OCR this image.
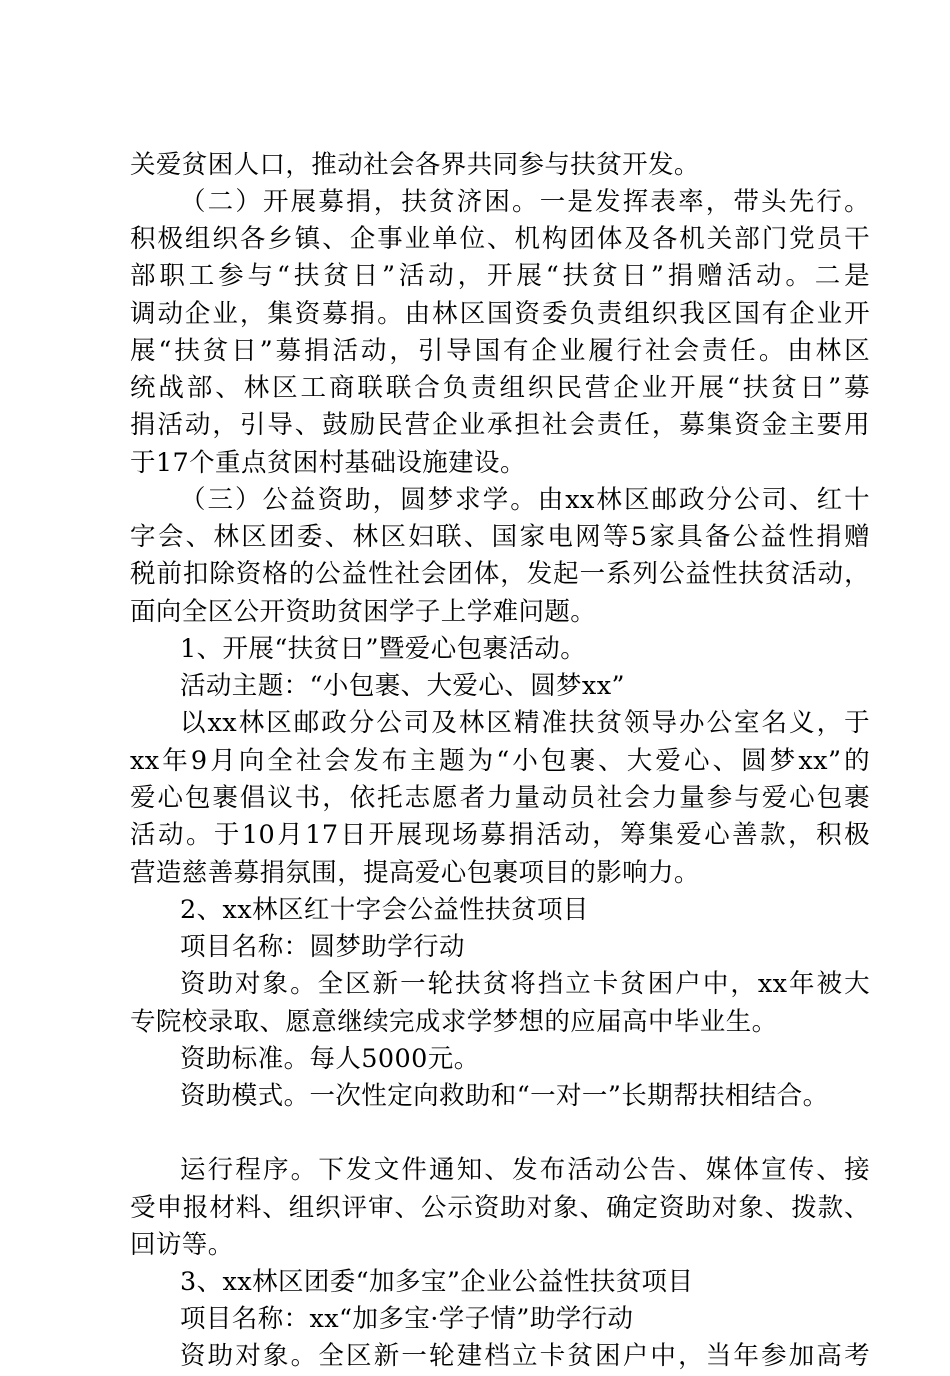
关爱贫困人口，推动社会各界共同参与扶贫开发。
（二）开展募捐，扶贫济困。一是发挥表率，带头先行。
积极组织各乡镇、企事业单位、机构团体及各机关部门党员干
部职工参与“扶贫日”活动，开展“扶贫日”捐赠活动。二是
调动企业，集资募捐。由林区国资委负责组织我区国有企业开
展“扶贫日”募捐活动，引导国有企业履行社会责任。由林区
统战部、林区工商联联合负责组织民营企业开展“扶贫日”募
捐活动，引导、鼓励民营企业承担社会责任，募集资金主要用
于17个重点贫困村基础设施建设。
（三）公益资助，圆梦求学。由xx林区邮政分公司、红十
字会、林区团委、林区妇联、国家电网等5家具备公益性捐赠
税前扣除资格的公益性社会团体，发起一系列公益性扶贫活动，
面向全区公开资助贫困学子上学难问题。
1、开展“扶贫日”暨爱心包裹活动。
活动主题：“小包裹、大爱心、圆梦xx”
以xx林区邮政分公司及林区精准扶贫领导办公室名义，于
xx年9月向全社会发布主题为“小包裹、大爱心、圆梦xx”的
爱心包裹倡议书，依托志愿者力量动员社会力量参与爱心包裹
活动。于10月17日开展现场募捐活动，筹集爱心善款，积极
营造慈善募捐氛围，提高爱心包裹项目的影响力。
2、xx林区红十字会公益性扶贫项目
项目名称：圆梦助学行动
资助对象。全区新一轮扶贫将挡立卡贫困户中，xx年被大
专院校录取、愿意继续完成求学梦想的应届高中毕业生。
资助标准。每人5000元。
资助模式。一次性定向救助和“一对一”长期帮扶相结合。
运行程序。下发文件通知、发布活动公告、媒体宣传、接
受申报材料、组织评审、公示资助对象、确定资助对象、拨款、
回访等。
3、xx林区团委“加多宝”企业公益性扶贫项目
项目名称：xx“加多宝·学子情”助学行动
资助对象。全区新一轮建档立卡贫困户中，当年参加高考
